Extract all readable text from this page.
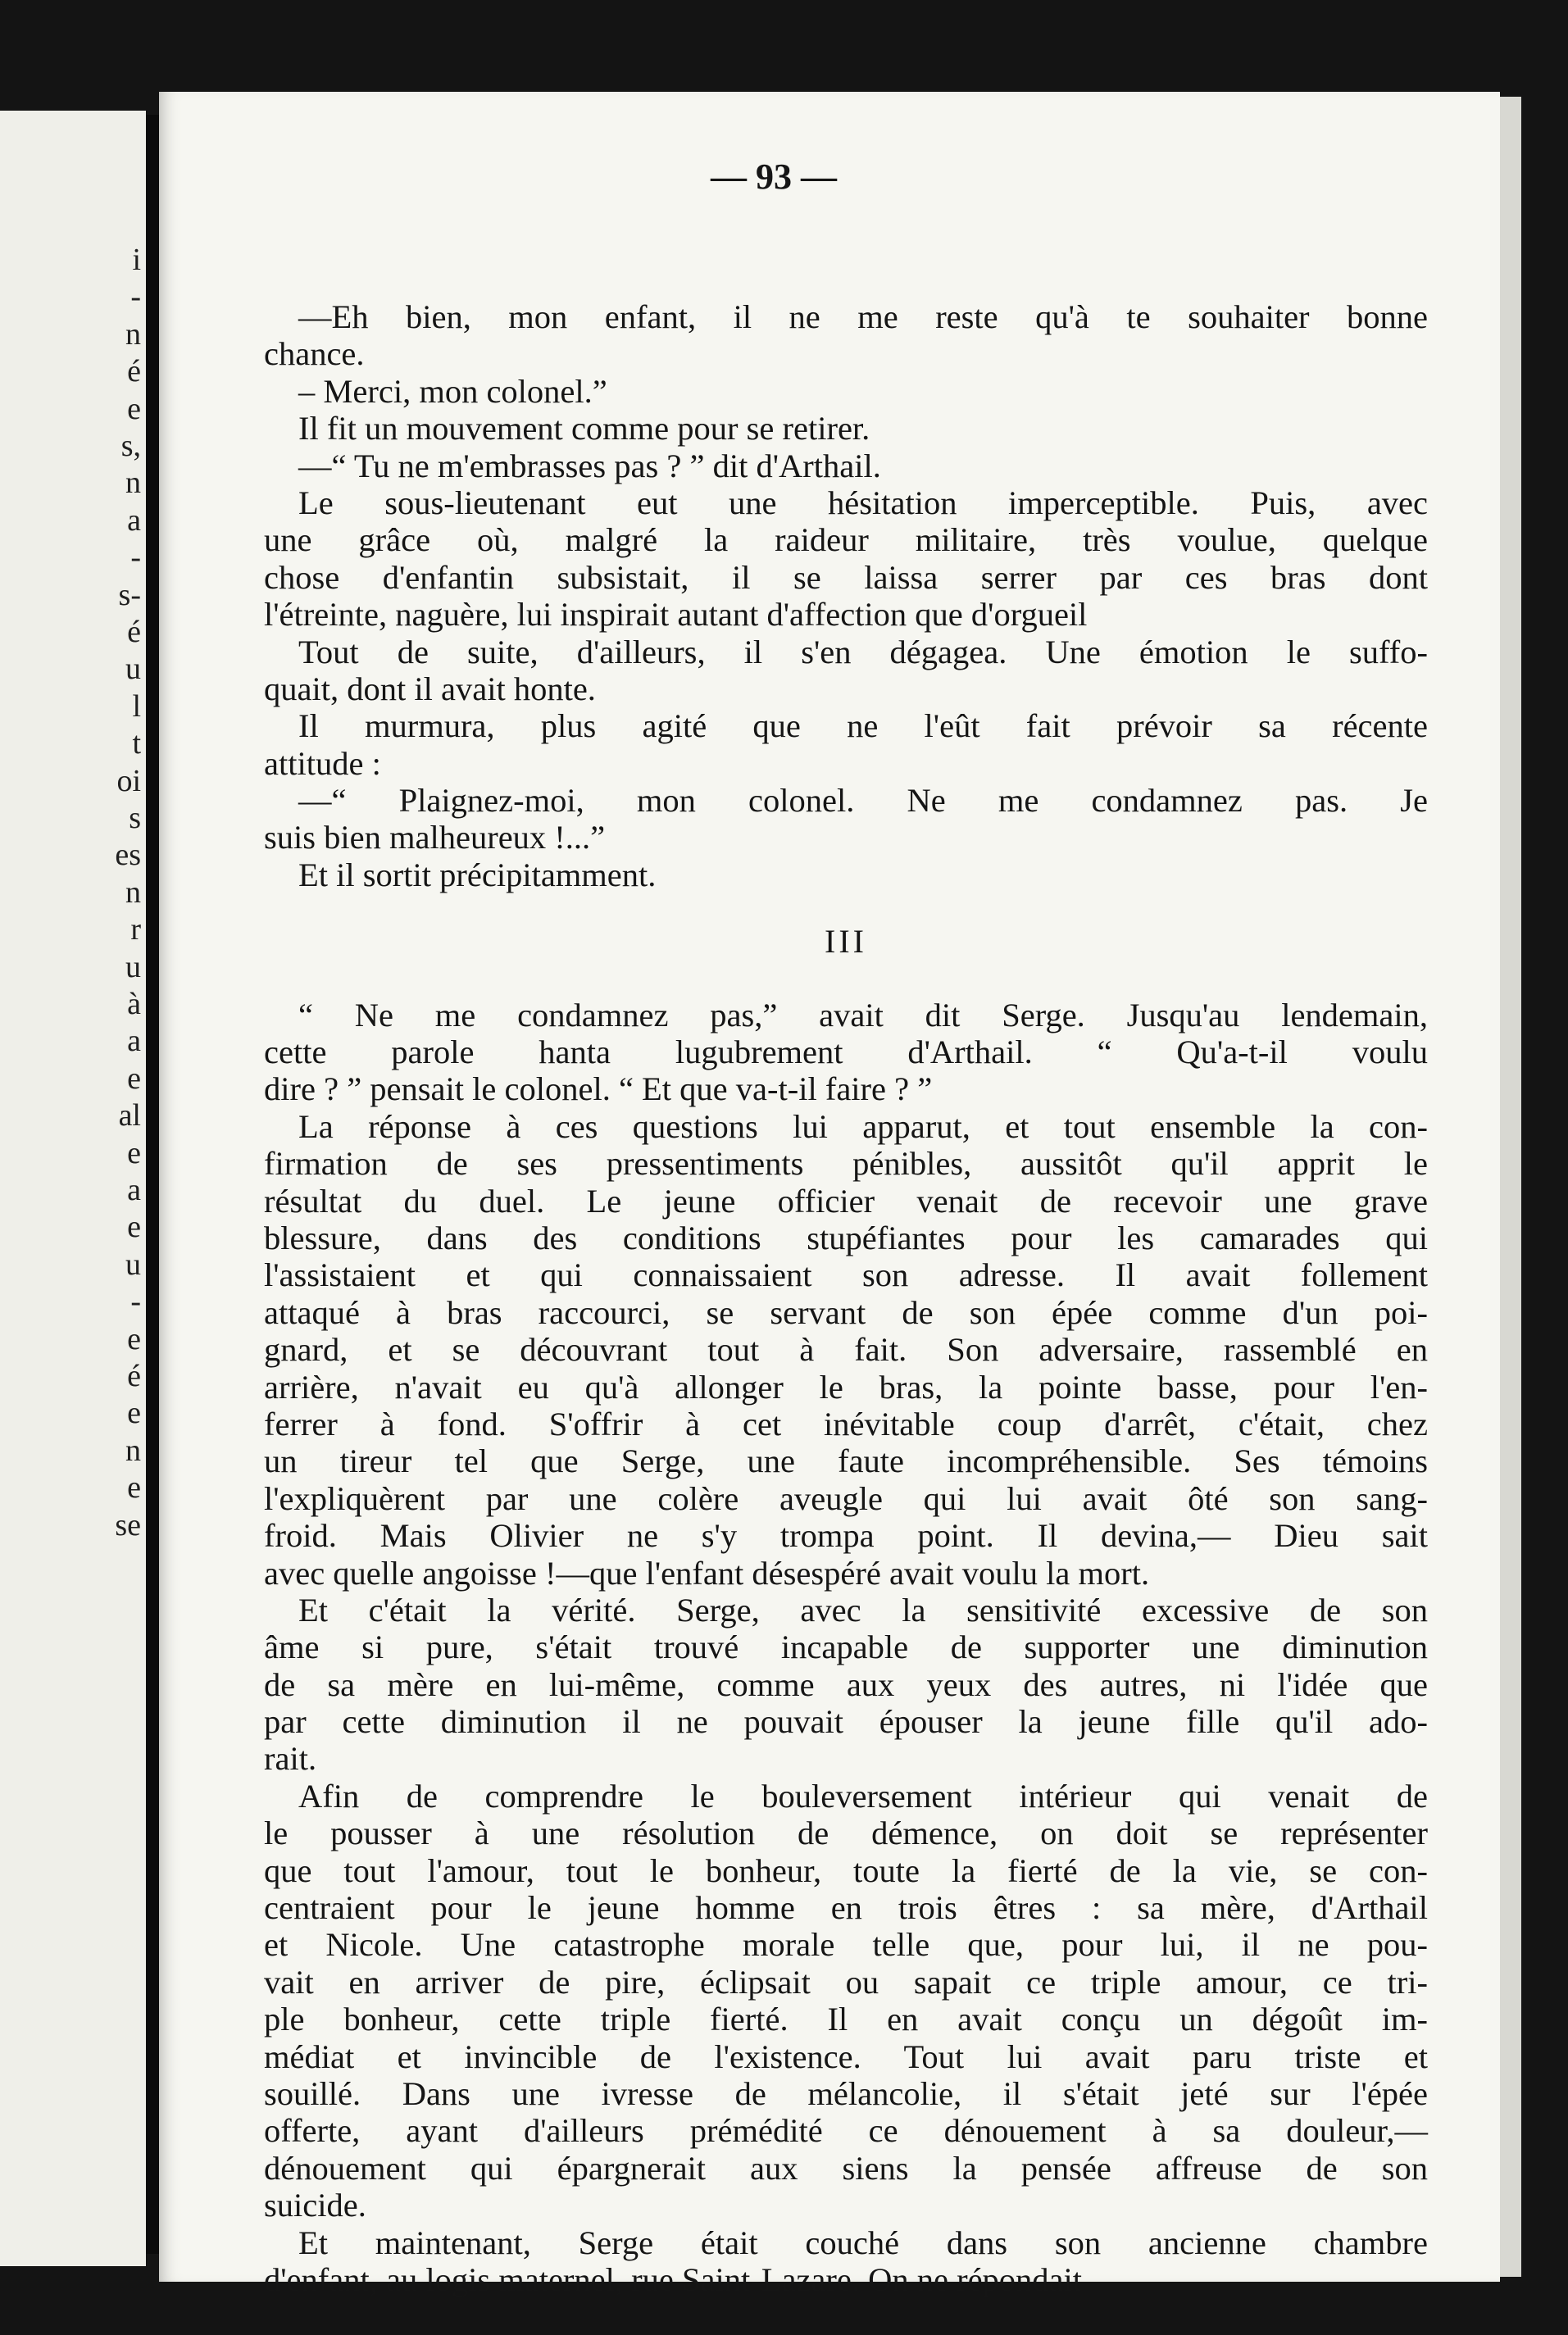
i
-
n
é
e
s,
n
a
-
s-
é
u
l
t
oi
s
es
n
r
u
à
a
e
al
e
a
e
u
-
e
é
e
n
e
se
— 93 —
—Eh bien, mon enfant, il ne me reste qu'à te souhaiter bonne
chance.
– Merci, mon colonel.”
Il fit un mouvement comme pour se retirer.
—“ Tu ne m'embrasses pas ? ” dit d'Arthail.
Le sous-lieutenant eut une hésitation imperceptible. Puis, avec
une grâce où, malgré la raideur militaire, très voulue, quelque
chose d'enfantin subsistait, il se laissa serrer par ces bras dont
l'étreinte, naguère, lui inspirait autant d'affection que d'orgueil
Tout de suite, d'ailleurs, il s'en dégagea. Une émotion le suffo-
quait, dont il avait honte.
Il murmura, plus agité que ne l'eût fait prévoir sa récente
attitude :
—“ Plaignez-moi, mon colonel. Ne me condamnez pas. Je
suis bien malheureux !...”
Et il sortit précipitamment.
III
“ Ne me condamnez pas,” avait dit Serge. Jusqu'au lendemain,
cette parole hanta lugubrement d'Arthail. “ Qu'a-t-il voulu
dire ? ” pensait le colonel. “ Et que va-t-il faire ? ”
La réponse à ces questions lui apparut, et tout ensemble la con-
firmation de ses pressentiments pénibles, aussitôt qu'il apprit le
résultat du duel. Le jeune officier venait de recevoir une grave
blessure, dans des conditions stupéfiantes pour les camarades qui
l'assistaient et qui connaissaient son adresse. Il avait follement
attaqué à bras raccourci, se servant de son épée comme d'un poi-
gnard, et se découvrant tout à fait. Son adversaire, rassemblé en
arrière, n'avait eu qu'à allonger le bras, la pointe basse, pour l'en-
ferrer à fond. S'offrir à cet inévitable coup d'arrêt, c'était, chez
un tireur tel que Serge, une faute incompréhensible. Ses témoins
l'expliquèrent par une colère aveugle qui lui avait ôté son sang-
froid. Mais Olivier ne s'y trompa point. Il devina,— Dieu sait
avec quelle angoisse !—que l'enfant désespéré avait voulu la mort.
Et c'était la vérité. Serge, avec la sensitivité excessive de son
âme si pure, s'était trouvé incapable de supporter une diminution
de sa mère en lui-même, comme aux yeux des autres, ni l'idée que
par cette diminution il ne pouvait épouser la jeune fille qu'il ado-
rait.
Afin de comprendre le bouleversement intérieur qui venait de
le pousser à une résolution de démence, on doit se représenter
que tout l'amour, tout le bonheur, toute la fierté de la vie, se con-
centraient pour le jeune homme en trois êtres : sa mère, d'Arthail
et Nicole. Une catastrophe morale telle que, pour lui, il ne pou-
vait en arriver de pire, éclipsait ou sapait ce triple amour, ce tri-
ple bonheur, cette triple fierté. Il en avait conçu un dégoût im-
médiat et invincible de l'existence. Tout lui avait paru triste et
souillé. Dans une ivresse de mélancolie, il s'était jeté sur l'épée
offerte, ayant d'ailleurs prémédité ce dénouement à sa douleur,—
dénouement qui épargnerait aux siens la pensée affreuse de son
suicide.
Et maintenant, Serge était couché dans son ancienne chambre
d'enfant, au logis maternel, rue Saint-Lazare. On ne répondait
